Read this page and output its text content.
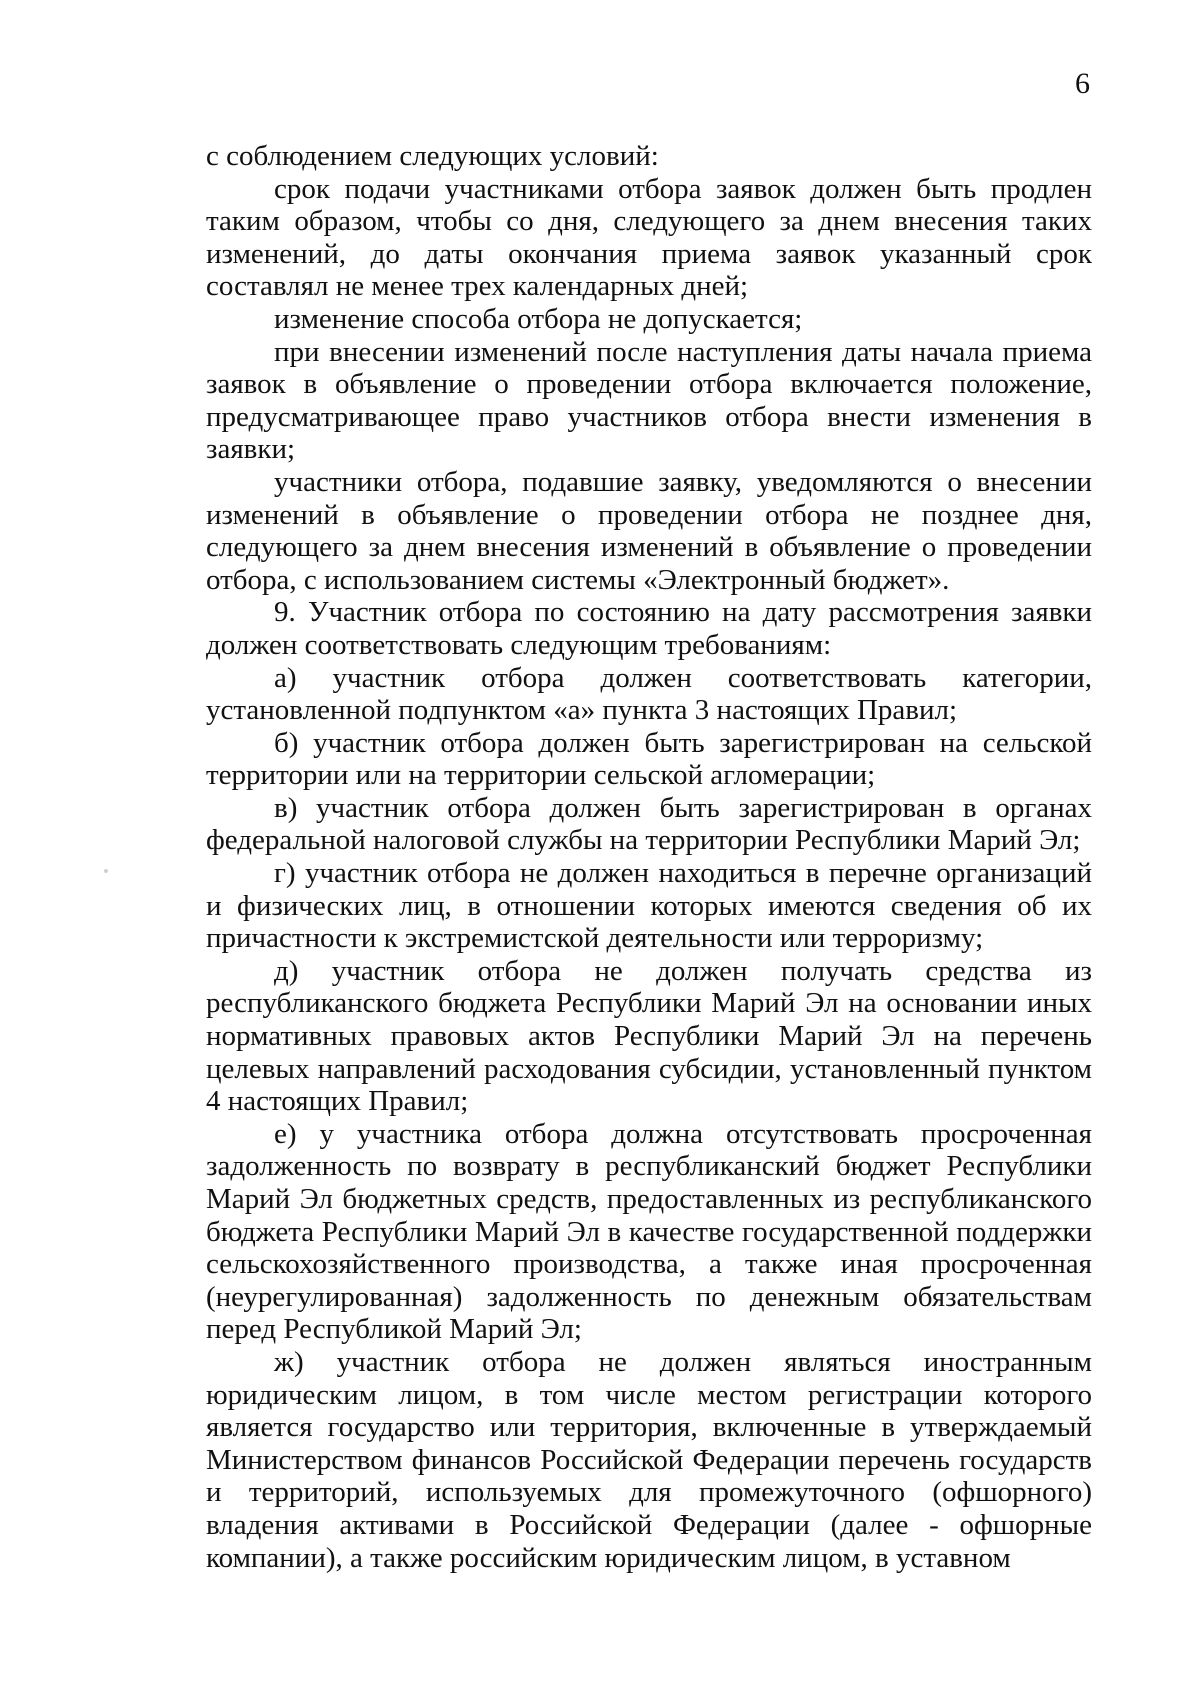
6

с соблюдением следующих условий:

срок подачи участниками отбора заявок должен быть продлен таким образом, чтобы со дня, следующего за днем внесения таких изменений, до даты окончания приема заявок указанный срок составлял не менее трех календарных дней;

изменение способа отбора не допускается;

при внесении изменений после наступления даты начала приема заявок в объявление о проведении отбора включается положение, предусматривающее право участников отбора внести изменения в заявки;

участники отбора, подавшие заявку, уведомляются о внесении изменений в объявление о проведении отбора не позднее дня, следующего за днем внесения изменений в объявление о проведении отбора, с использованием системы «Электронный бюджет».

9. Участник отбора по состоянию на дату рассмотрения заявки должен соответствовать следующим требованиям:

а) участник отбора должен соответствовать категории, установленной подпунктом «а» пункта 3 настоящих Правил;

б) участник отбора должен быть зарегистрирован на сельской территории или на территории сельской агломерации;

в) участник отбора должен быть зарегистрирован в органах федеральной налоговой службы на территории Республики Марий Эл;

г) участник отбора не должен находиться в перечне организаций и физических лиц, в отношении которых имеются сведения об их причастности к экстремистской деятельности или терроризму;

д) участник отбора не должен получать средства из республиканского бюджета Республики Марий Эл на основании иных нормативных правовых актов Республики Марий Эл на перечень целевых направлений расходования субсидии, установленный пунктом 4 настоящих Правил;

е) у участника отбора должна отсутствовать просроченная задолженность по возврату в республиканский бюджет Республики Марий Эл бюджетных средств, предоставленных из республиканского бюджета Республики Марий Эл в качестве государственной поддержки сельскохозяйственного производства, а также иная просроченная (неурегулированная) задолженность по денежным обязательствам перед Республикой Марий Эл;

ж) участник отбора не должен являться иностранным юридическим лицом, в том числе местом регистрации которого является государство или территория, включенные в утверждаемый Министерством финансов Российской Федерации перечень государств и территорий, используемых для промежуточного (офшорного) владения активами в Российской Федерации (далее - офшорные компании), а также российским юридическим лицом, в уставном
